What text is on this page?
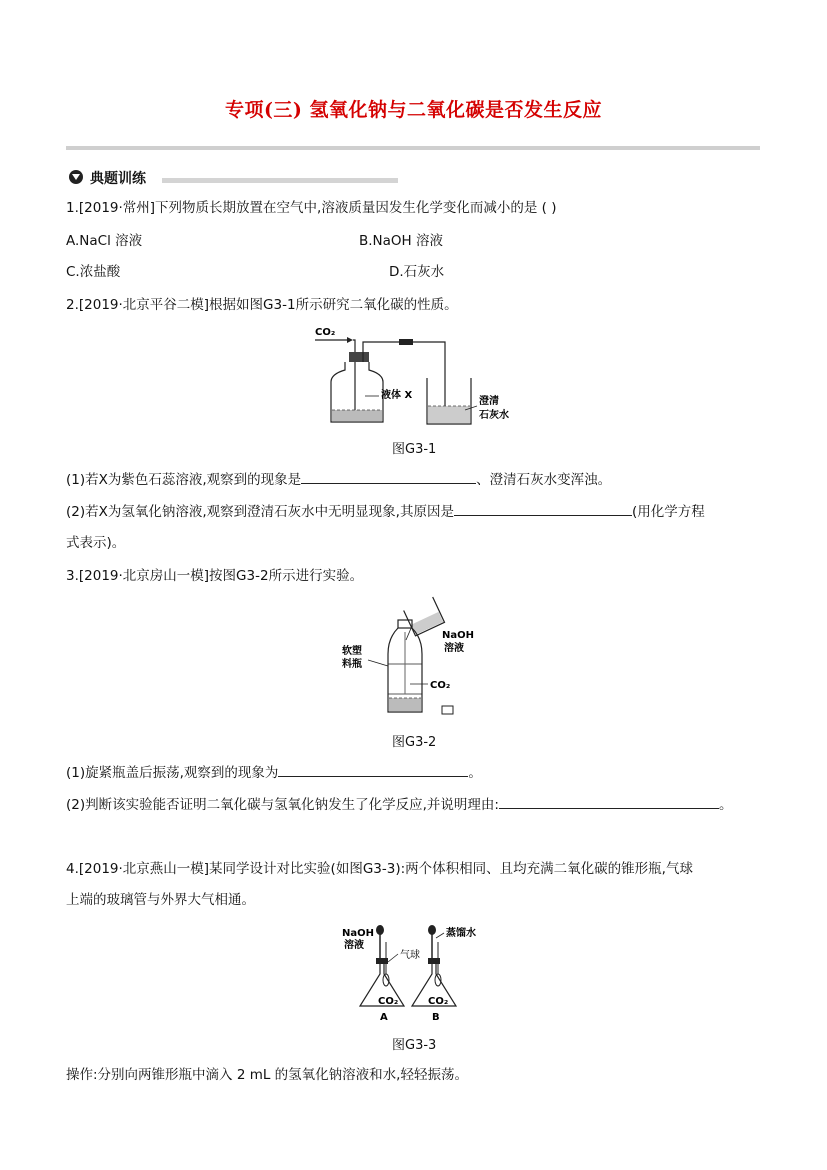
专项(三) 氢氧化钠与二氧化碳是否发生反应
典题训练
1.[2019·常州]下列物质长期放置在空气中,溶液质量因发生化学变化而减小的是 ( )
A.NaCl 溶液	B.NaOH 溶液
C.浓盐酸	D.石灰水
2.[2019·北京平谷二模]根据如图G3-1所示研究二氧化碳的性质。
CO₂
液体 X
澄清
石灰水
图G3-1
(1)若X为紫色石蕊溶液,观察到的现象是	、澄清石灰水变浑浊。
(2)若X为氢氧化钠溶液,观察到澄清石灰水中无明显现象,其原因是	(用化学方程
式表示)。
3.[2019·北京房山一模]按图G3-2所示进行实验。
NaOH
溶液
软塑
料瓶
CO₂
图G3-2
(1)旋紧瓶盖后振荡,观察到的现象为	。
(2)判断该实验能否证明二氧化碳与氢氧化钠发生了化学反应,并说明理由:	。
4.[2019·北京燕山一模]某同学设计对比实验(如图G3-3):两个体积相同、且均充满二氧化碳的锥形瓶,气球
上端的玻璃管与外界大气相通。
CO₂
A
CO₂
B
NaOH
溶液
气球
蒸馏水
图G3-3
操作:分别向两锥形瓶中滴入 2 mL 的氢氧化钠溶液和水,轻轻振荡。
